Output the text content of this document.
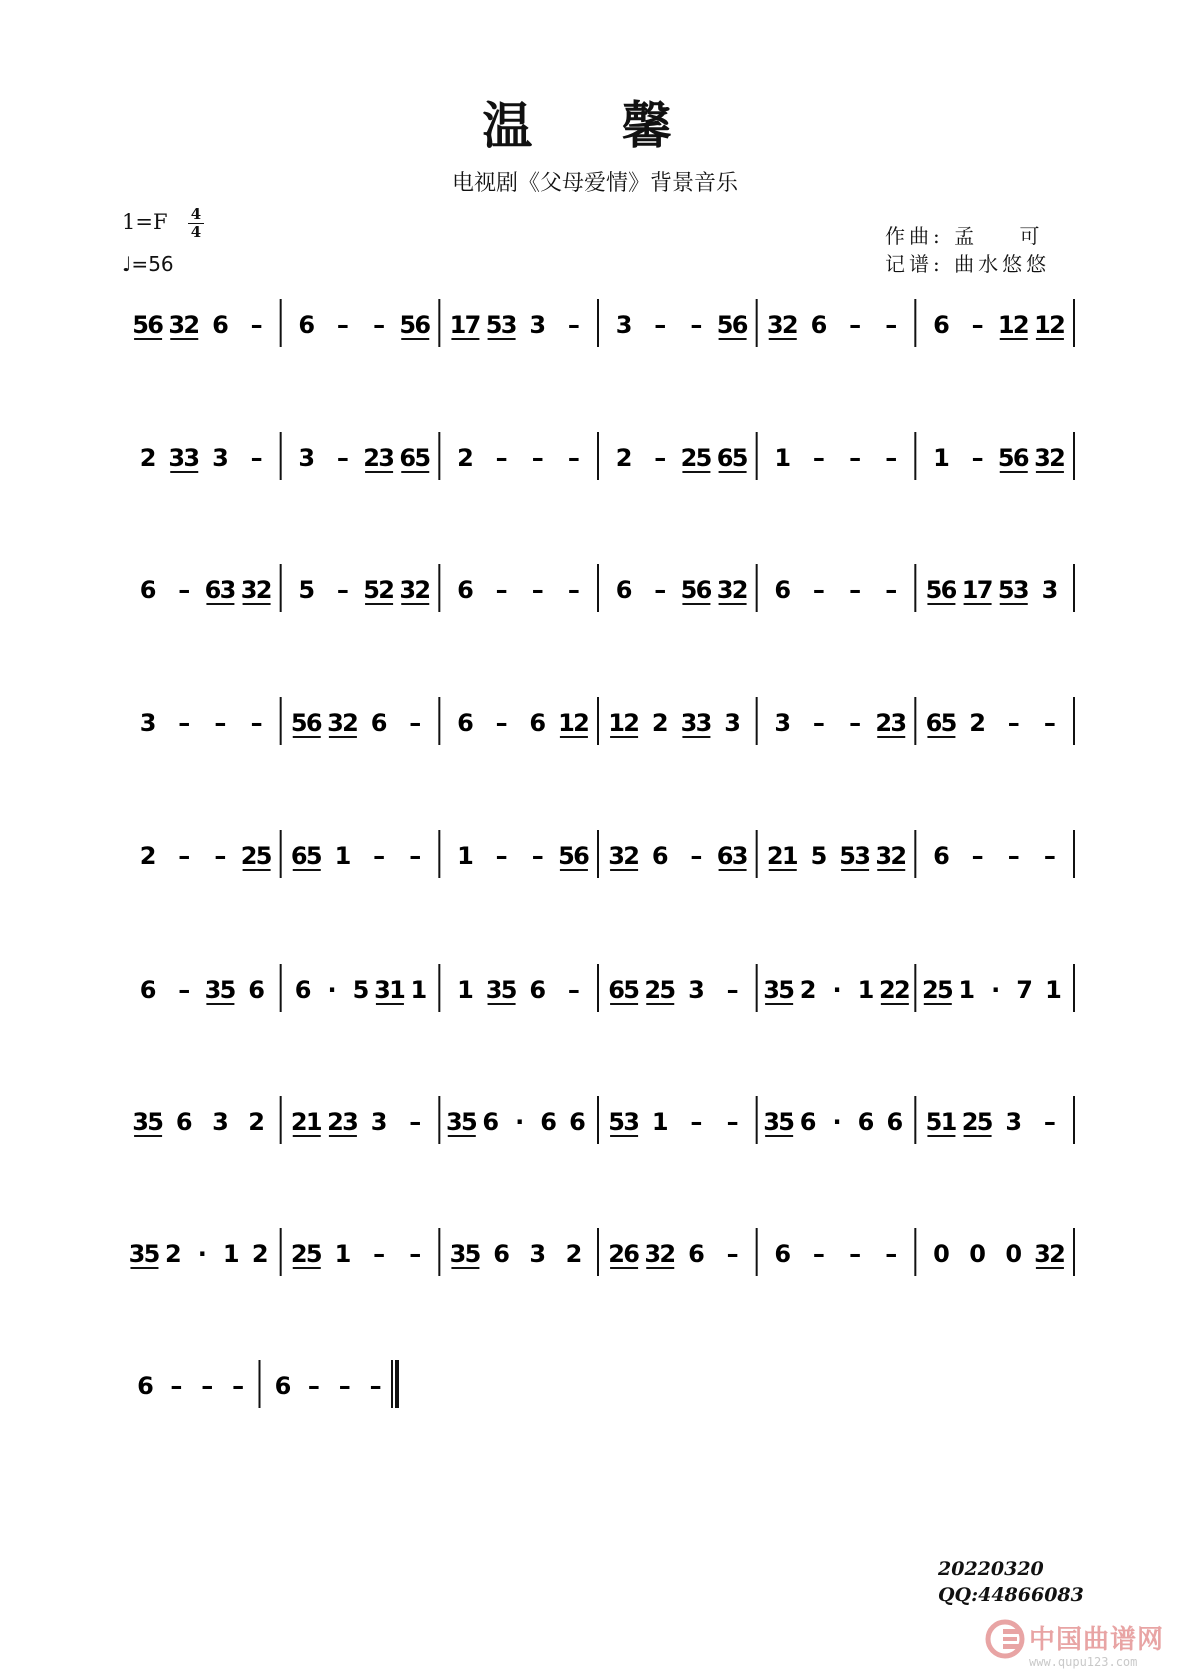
温 馨
电视剧《父母爱情》背景音乐
1=F 4
4
♩=56
作曲: 孟    可
记谱: 曲水悠悠
5
6 3
2 6 – 6 – – 5
6 1
7 5
3 3 – 3 – – 5
6 3
2 6 – – 6 – 1
2 1
2
2 3
3 3 – 3 – 2
3 6
5 2 – – – 2 – 2
5 6
5 1 – – – 1 – 5
6 3
2
6 – 6
3 3
2 5 – 5
2 3
2 6 – – – 6 – 5
6 3
2 6 – – – 5
6 1
7 5
3 3
3 – – – 5
6 3
2 6 – 6 – 6 1
2 1
2 2 3
3 3 3 – – 2
3 6
5 2 – –
2 – – 2
5 6
5 1 – – 1 – – 5
6 3
2 6 – 6
3 2
1 5 5
3 3
2 6 – – –
6 – 3
5 6 6 · 5 3
1 1 1 3
5 6 – 6
5 2
5 3 – 3
5 2 · 1 2
2 2
5 1 · 7 1
3
5 6 3 2 2
1 2
3 3 – 3
5 6 · 6 6 5
3 1 – – 3
5 6 · 6 6 5
1 2
5 3 –
3
5 2 · 1 2 2
5 1 – – 3
5 6 3 2 2
6 3
2 6 – 6 – – – 0 0 0 3
2
6 – – – 6 – – –
20220320
QQ:44866083
中国曲谱网
www.qupu123.com
